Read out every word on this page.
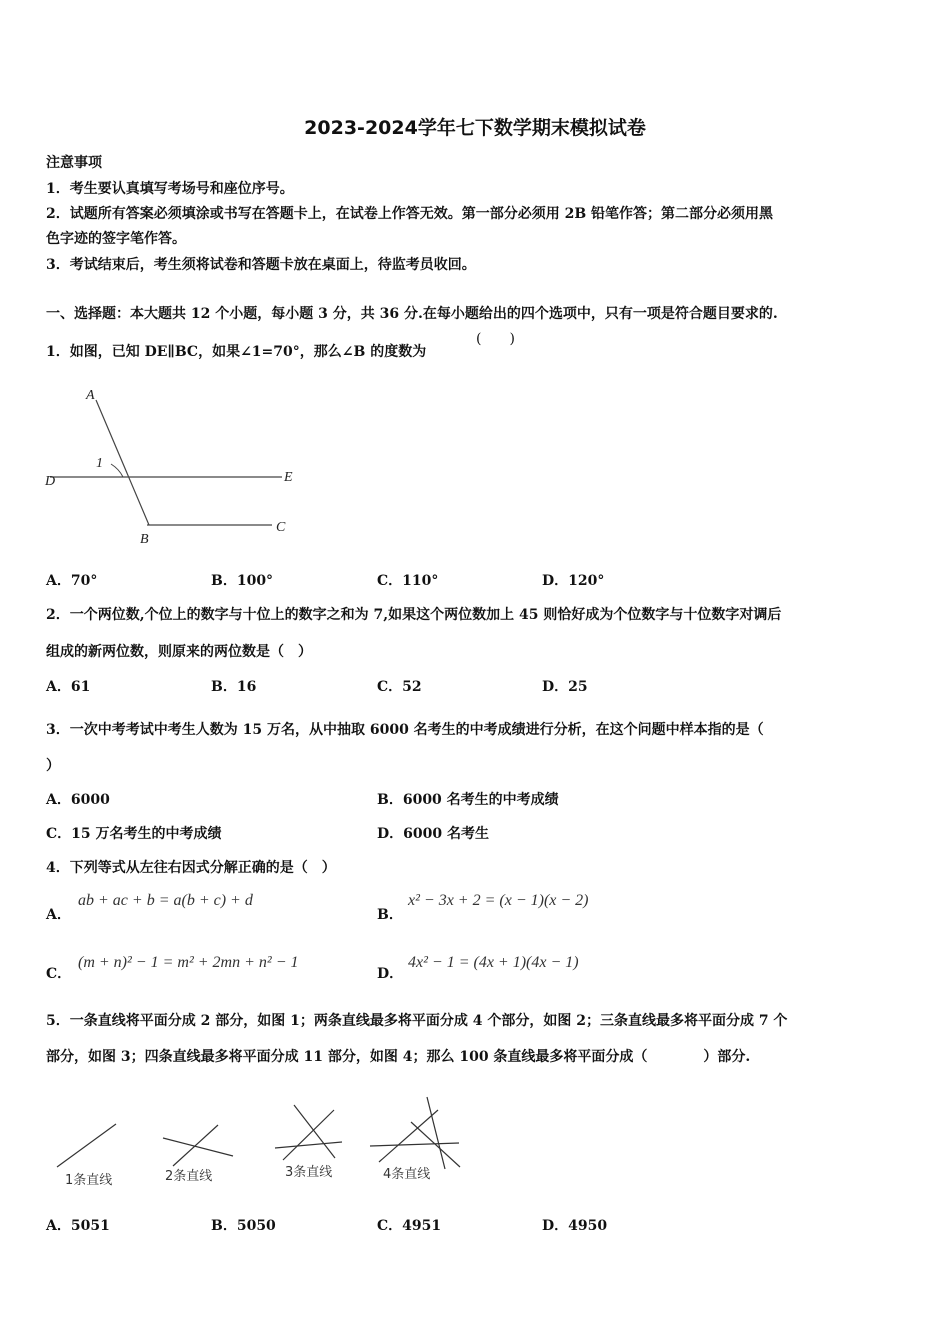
2023-2024学年七下数学期末模拟试卷
注意事项
1．考生要认真填写考场号和座位序号。
2．试题所有答案必须填涂或书写在答题卡上，在试卷上作答无效。第一部分必须用 2B 铅笔作答；第二部分必须用黑
色字迹的签字笔作答。
3．考试结束后，考生须将试卷和答题卡放在桌面上，待监考员收回。
一、选择题：本大题共 12 个小题，每小题 3 分，共 36 分.在每小题给出的四个选项中，只有一项是符合题目要求的.
1．如图，已知 DE∥BC，如果∠1=70°，那么∠B 的度数为
(　　)
A
1
D	E
B
C
A．70°	B．100°	C．110°	D．120°
2．一个两位数,个位上的数字与十位上的数字之和为 7,如果这个两位数加上 45 则恰好成为个位数字与十位数字对调后
组成的新两位数，则原来的两位数是（　）
A．61	B．16	C．52	D．25
3．一次中考考试中考生人数为 15 万名，从中抽取 6000 名考生的中考成绩进行分析，在这个问题中样本指的是（
）
A．6000	B．6000 名考生的中考成绩
C．15 万名考生的中考成绩	D．6000 名考生
4．下列等式从左往右因式分解正确的是（　）
A．
ab + ac + b = a(b + c) + d
B．
x² − 3x + 2 = (x − 1)(x − 2)
C．
(m + n)² − 1 = m² + 2mn + n² − 1
D．
4x² − 1 = (4x + 1)(4x − 1)
5．一条直线将平面分成 2 部分，如图 1；两条直线最多将平面分成 4 个部分，如图 2；三条直线最多将平面分成 7 个
部分，如图 3；四条直线最多将平面分成 11 部分，如图 4；那么 100 条直线最多将平面分成（　　　　）部分.
1条直线	2条直线	3条直线	4条直线
A．5051	B．5050	C．4951	D．4950
